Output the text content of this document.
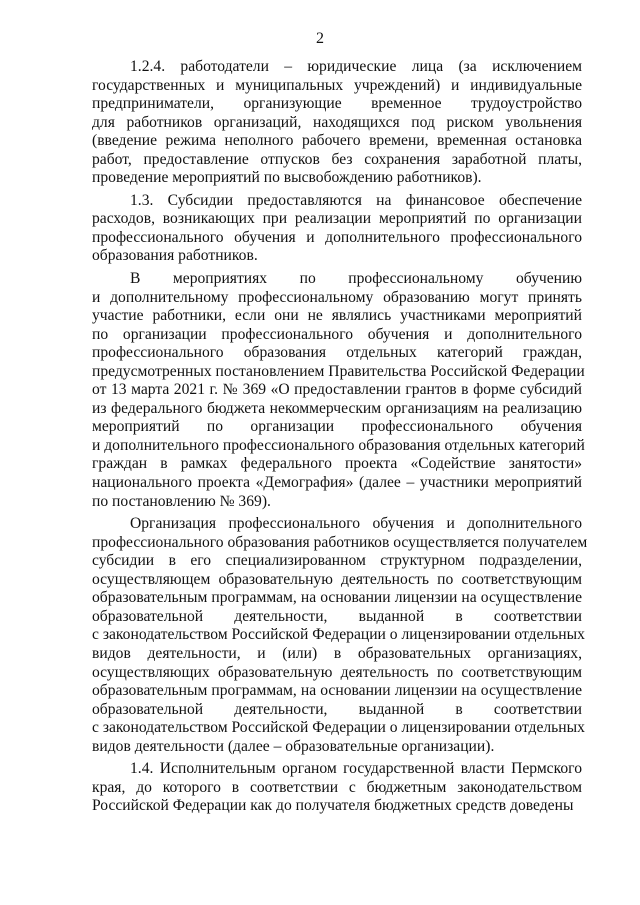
2
1.2.4. работодатели – юридические лица (за исключением
государственных и муниципальных учреждений) и индивидуальные
предприниматели, организующие временное трудоустройство
для работников организаций, находящихся под риском увольнения
(введение режима неполного рабочего времени, временная остановка
работ, предоставление отпусков без сохранения заработной платы,
проведение мероприятий по высвобождению работников).
1.3. Субсидии предоставляются на финансовое обеспечение
расходов, возникающих при реализации мероприятий по организации
профессионального обучения и дополнительного профессионального
образования работников.
В мероприятиях по профессиональному обучению
и дополнительному профессиональному образованию могут принять
участие работники, если они не являлись участниками мероприятий
по организации профессионального обучения и дополнительного
профессионального образования отдельных категорий граждан,
предусмотренных постановлением Правительства Российской Федерации
от 13 марта 2021 г. № 369 «О предоставлении грантов в форме субсидий
из федерального бюджета некоммерческим организациям на реализацию
мероприятий по организации профессионального обучения
и дополнительного профессионального образования отдельных категорий
граждан в рамках федерального проекта «Содействие занятости»
национального проекта «Демография» (далее – участники мероприятий
по постановлению № 369).
Организация профессионального обучения и дополнительного
профессионального образования работников осуществляется получателем
субсидии в его специализированном структурном подразделении,
осуществляющем образовательную деятельность по соответствующим
образовательным программам, на основании лицензии на осуществление
образовательной деятельности, выданной в соответствии
с законодательством Российской Федерации о лицензировании отдельных
видов деятельности, и (или) в образовательных организациях,
осуществляющих образовательную деятельность по соответствующим
образовательным программам, на основании лицензии на осуществление
образовательной деятельности, выданной в соответствии
с законодательством Российской Федерации о лицензировании отдельных
видов деятельности (далее – образовательные организации).
1.4. Исполнительным органом государственной власти Пермского
края, до которого в соответствии с бюджетным законодательством
Российской Федерации как до получателя бюджетных средств доведены
